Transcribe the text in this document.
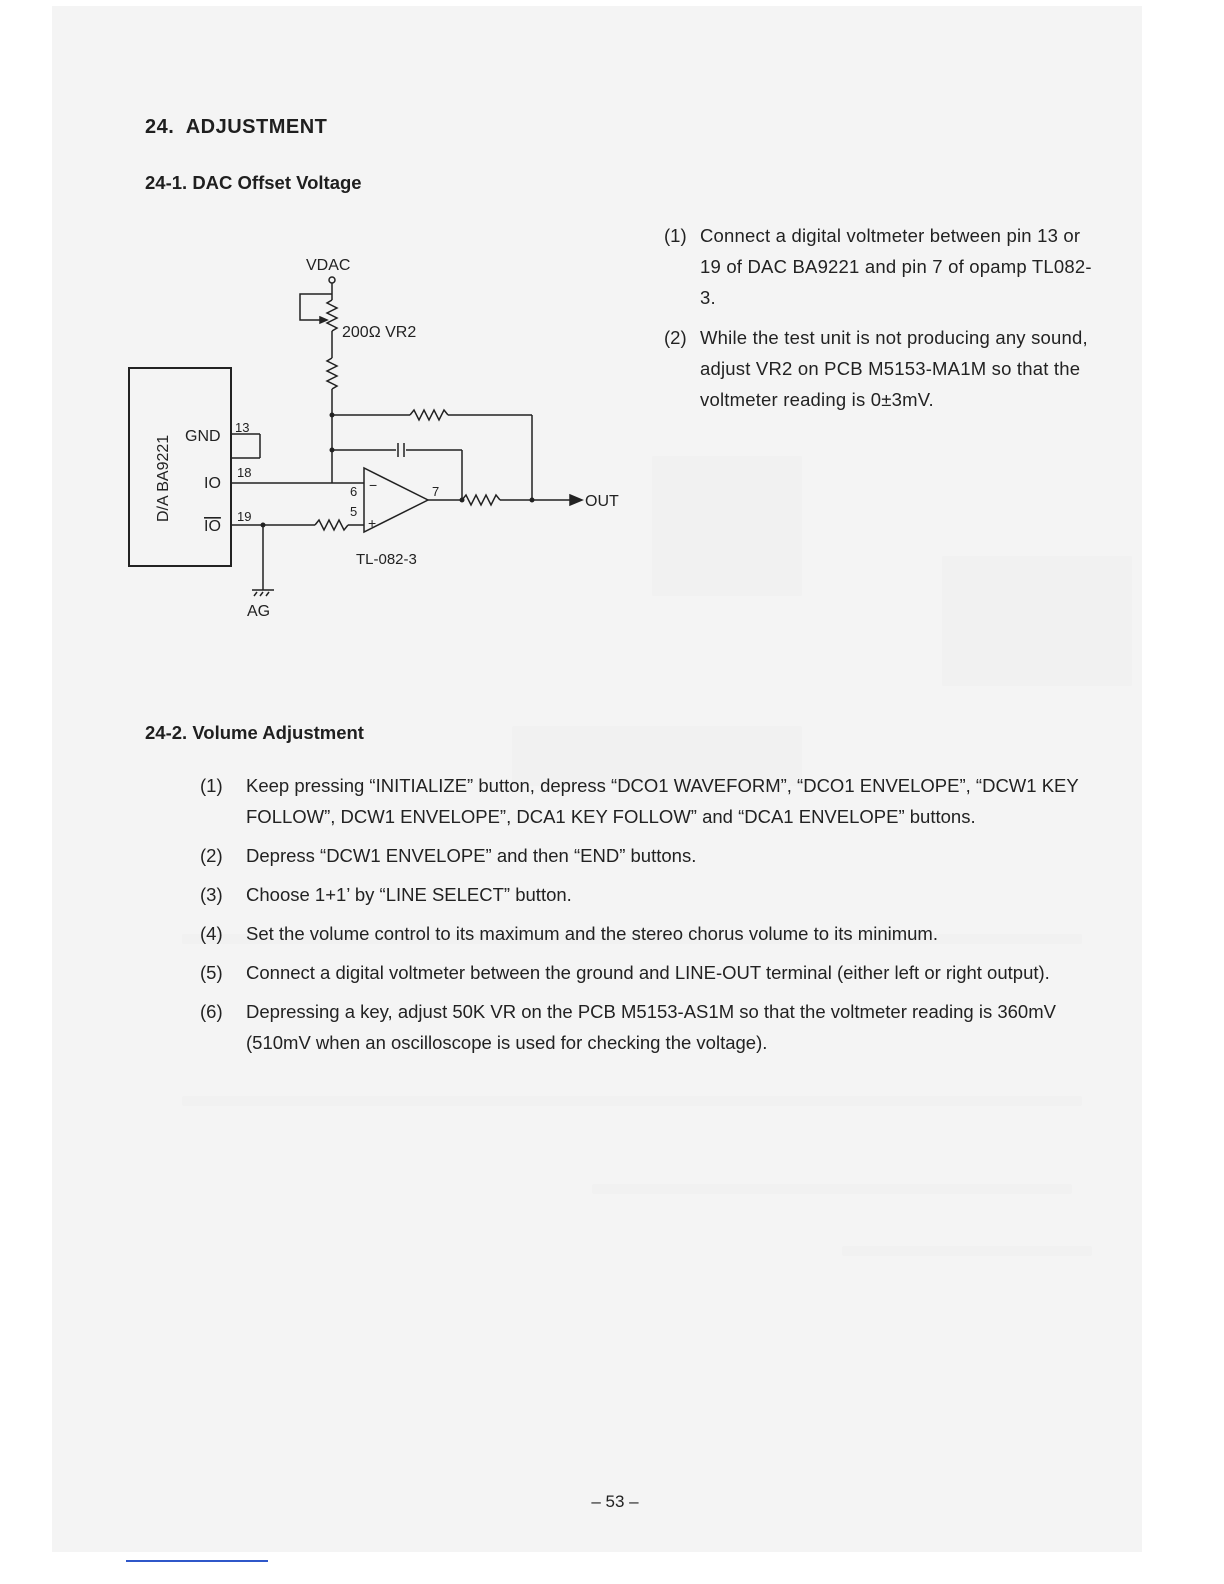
24. ADJUSTMENT
24-1. DAC Offset Voltage
VDAC
200Ω VR2
D/A BA9221 GND
IO
IO
13
18
19
6
5
7
−
+
OUT
TL-082-3
AG
(1) Connect a digital voltmeter between pin 13 or 19 of DAC BA9221 and pin 7 of opamp TL082-3.
(2) While the test unit is not producing any sound, adjust VR2 on PCB M5153-MA1M so that the voltmeter reading is 0±3mV.
24-2. Volume Adjustment
(1)	Keep pressing “INITIALIZE” button, depress “DCO1 WAVEFORM”, “DCO1 ENVELOPE”, “DCW1 KEY FOLLOW”, DCW1 ENVELOPE”, DCA1 KEY FOLLOW” and “DCA1 ENVELOPE” buttons.
(2)	Depress “DCW1 ENVELOPE” and then “END” buttons.
(3)	Choose 1+1’ by “LINE SELECT” button.
(4)	Set the volume control to its maximum and the stereo chorus volume to its minimum.
(5)	Connect a digital voltmeter between the ground and LINE-OUT terminal (either left or right output).
(6)	Depressing a key, adjust 50K VR on the PCB M5153-AS1M so that the voltmeter reading is 360mV (510mV when an oscilloscope is used for checking the voltage).
– 53 –
